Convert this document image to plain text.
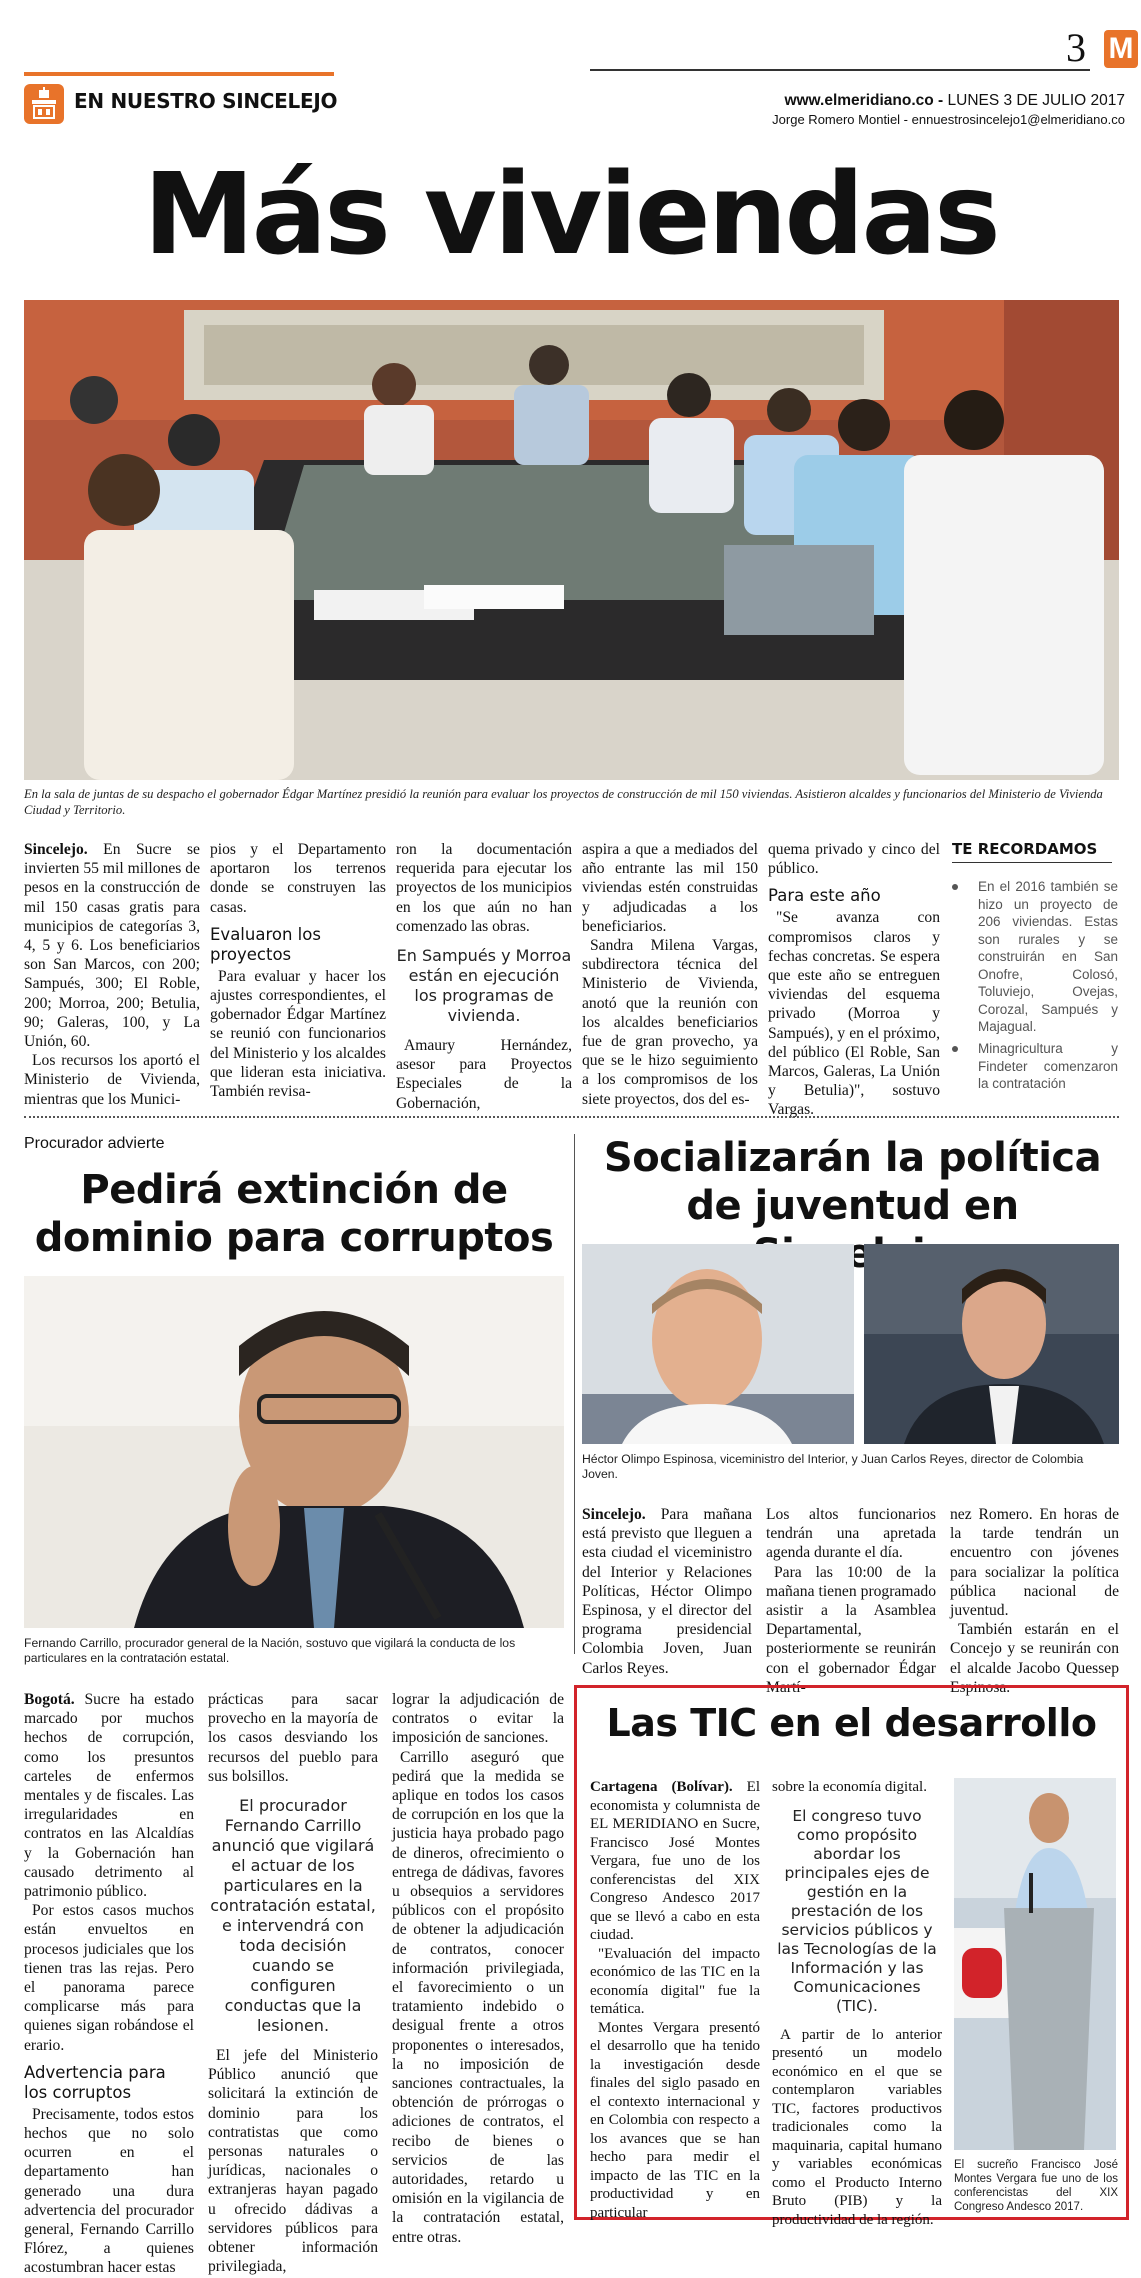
3 M
EN NUESTRO SINCELEJO	www.elmeridiano.co - LUNES 3 DE JULIO 2017
Jorge Romero Montiel - ennuestrosincelejo1@elmeridiano.co
Más viviendas
En la sala de juntas de su despacho el gobernador Édgar Martínez presidió la reunión para evaluar los proyectos de construcción de mil 150 viviendas. Asistieron alcaldes y funcionarios del Ministerio de Vivienda Ciudad y Territorio.

Sincelejo. En Sucre se invierten 55 mil millones de pesos en la construcción de mil 150 casas gratis para municipios de categorías 3, 4, 5 y 6. Los beneficiarios son San Marcos, con 200; Sampués, 300; El Roble, 200; Morroa, 200; Betulia, 90; Galeras, 100, y La Unión, 60.

Los recursos los aportó el Ministerio de Vivienda, mientras que los Munici-

pios y el Departamento aportaron los terrenos donde se construyen las casas.

Evaluaron los proyectos

Para evaluar y hacer los ajustes correspondientes, el gobernador Édgar Martínez se reunió con funcionarios del Ministerio y los alcaldes que lideran esta iniciativa. También revisa-

ron la documentación requerida para ejecutar los proyectos de los municipios en los que aún no han comenzado las obras.

En Sampués y Morroa están en ejecución los programas de vivienda.

Amaury Hernández, asesor para Proyectos Especiales de la Gobernación,

aspira a que a mediados del año entrante las mil 150 viviendas estén construidas y adjudicadas a los beneficiarios.

Sandra Milena Vargas, subdirectora técnica del Ministerio de Vivienda, anotó que la reunión con los alcaldes beneficiarios fue de gran provecho, ya que se le hizo seguimiento a los compromisos de los siete proyectos, dos del es-

quema privado y cinco del público.

Para este año

"Se avanza con compromisos claros y fechas concretas. Se espera que este año se entreguen viviendas del esquema privado (Morroa y Sampués), y en el próximo, del público (El Roble, San Marcos, Galeras, La Unión y Betulia)", sostuvo Vargas.

TE RECORDAMOS
En el 2016 también se hizo un proyecto de 206 viviendas. Estas son rurales y se construirán en San Onofre, Colosó, Toluviejo, Ovejas, Corozal, Sampués y Majagual.
Minagricultura y Findeter comenzaron la contratación
Procurador advierte
Pedirá extinción de dominio para corruptos
Fernando Carrillo, procurador general de la Nación, sostuvo que vigilará la conducta de los particulares en la contratación estatal.

Bogotá. Sucre ha estado marcado por muchos hechos de corrupción, como los presuntos carteles de enfermos mentales y de fiscales. Las irregularidades en contratos en las Alcaldías y la Gobernación han causado detrimento al patrimonio público.

Por estos casos muchos están envueltos en procesos judiciales que los tienen tras las rejas. Pero el panorama parece complicarse más para quienes sigan robándose el erario.

Advertencia para los corruptos

Precisamente, todos estos hechos que no solo ocurren en el departamento han generado una dura advertencia del procurador general, Fernando Carrillo Flórez, a quienes acostumbran hacer estas

prácticas para sacar provecho en la mayoría de los casos desviando los recursos del pueblo para sus bolsillos.

El procurador Fernando Carrillo anunció que vigilará el actuar de los particulares en la contratación estatal, e intervendrá con toda decisión cuando se configuren conductas que la lesionen.

El jefe del Ministerio Público anunció que solicitará la extinción de dominio para los contratistas que como personas naturales o jurídicas, nacionales o extranjeras hayan pagado u ofrecido dádivas a servidores públicos para obtener información privilegiada,

lograr la adjudicación de contratos o evitar la imposición de sanciones.

Carrillo aseguró que pedirá que la medida se aplique en todos los casos de corrupción en los que la justicia haya probado pago de dineros, ofrecimiento o entrega de dádivas, favores u obsequios a servidores públicos con el propósito de obtener la adjudicación de contratos, conocer información privilegiada, el favorecimiento o un tratamiento indebido o desigual frente a otros proponentes o interesados, la no imposición de sanciones contractuales, la obtención de prórrogas o adiciones de contratos, el recibo de bienes o servicios de las autoridades, retardo u omisión en la vigilancia de la contratación estatal, entre otras.

Socializarán la política de juventud en
Héctor Olimpo Espinosa, viceministro del Interior, y Juan Carlos Reyes, director de Colombia Joven.

Sincelejo. Para mañana está previsto que lleguen a esta ciudad el viceministro del Interior y Relaciones Políticas, Héctor Olimpo Espinosa, y el director del programa presidencial Colombia Joven, Juan Carlos Reyes.

Los altos funcionarios tendrán una apretada agenda durante el día.

Para las 10:00 de la mañana tienen programado asistir a la Asamblea Departamental, posteriormente se reunirán con el gobernador Édgar Martí-

nez Romero. En horas de la tarde tendrán un encuentro con jóvenes para socializar la política pública nacional de juventud.

También estarán en el Concejo y se reunirán con el alcalde Jacobo Quessep Espinosa.

Las TIC en el desarrollo

Cartagena (Bolívar). El economista y columnista de EL MERIDIANO en Sucre, Francisco José Montes Vergara, fue uno de los conferencistas del XIX Congreso Andesco 2017 que se llevó a cabo en esta ciudad.

"Evaluación del impacto económico de las TIC en la economía digital" fue la temática.

Montes Vergara presentó el desarrollo que ha tenido la investigación desde finales del siglo pasado en el contexto internacional y en Colombia con respecto a los avances que se han hecho para medir el impacto de las TIC en la productividad y en particular

sobre la economía digital.

El congreso tuvo como propósito abordar los principales ejes de gestión en la prestación de los servicios públicos y las Tecnologías de la Información y las Comunicaciones (TIC).

A partir de lo anterior presentó un modelo económico en el que se contemplaron variables TIC, factores productivos tradicionales como la maquinaria, capital humano y variables económicas como el Producto Interno Bruto (PIB) y la productividad de la región.

El sucreño Francisco José Montes Vergara fue uno de los conferencistas del XIX Congreso Andesco 2017.
